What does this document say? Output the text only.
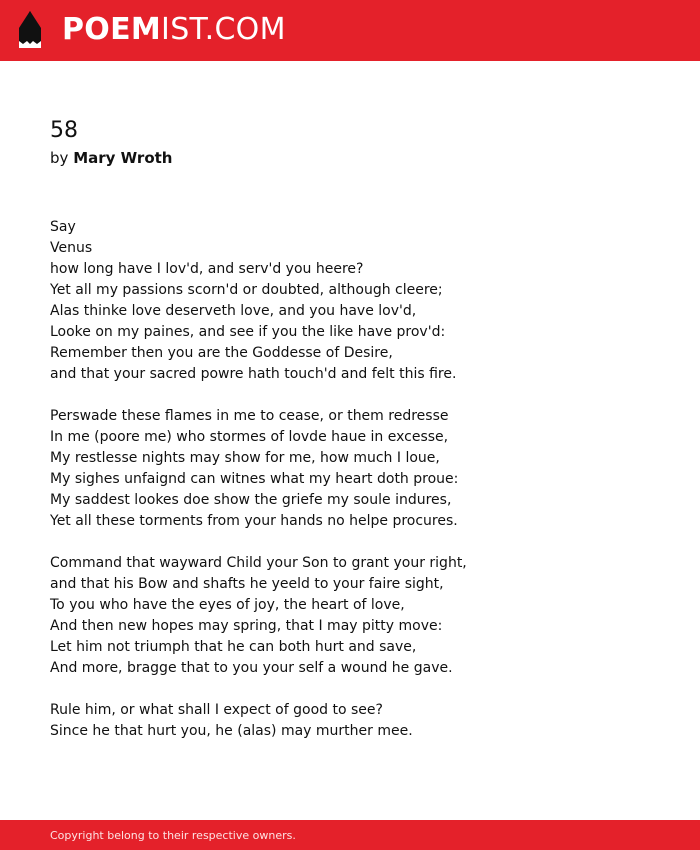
POEMIST.COM
58

by Mary Wroth

Say
Venus
how long have I lov'd, and serv'd you heere?
Yet all my passions scorn'd or doubted, although cleere;
Alas thinke love deserveth love, and you have lov'd,
Looke on my paines, and see if you the like have prov'd:
Remember then you are the Goddesse of Desire,
and that your sacred powre hath touch'd and felt this fire.
Perswade these flames in me to cease, or them redresse
In me (poore me) who stormes of lovde haue in excesse,
My restlesse nights may show for me, how much I loue,
My sighes unfaignd can witnes what my heart doth proue:
My saddest lookes doe show the griefe my soule indures,
Yet all these torments from your hands no helpe procures.
Command that wayward Child your Son to grant your right,
and that his Bow and shafts he yeeld to your faire sight,
To you who have the eyes of joy, the heart of love,
And then new hopes may spring, that I may pitty move:
Let him not triumph that he can both hurt and save,
And more, bragge that to you your self a wound he gave.
Rule him, or what shall I expect of good to see?
Since he that hurt you, he (alas) may murther mee.
Copyright belong to their respective owners.
